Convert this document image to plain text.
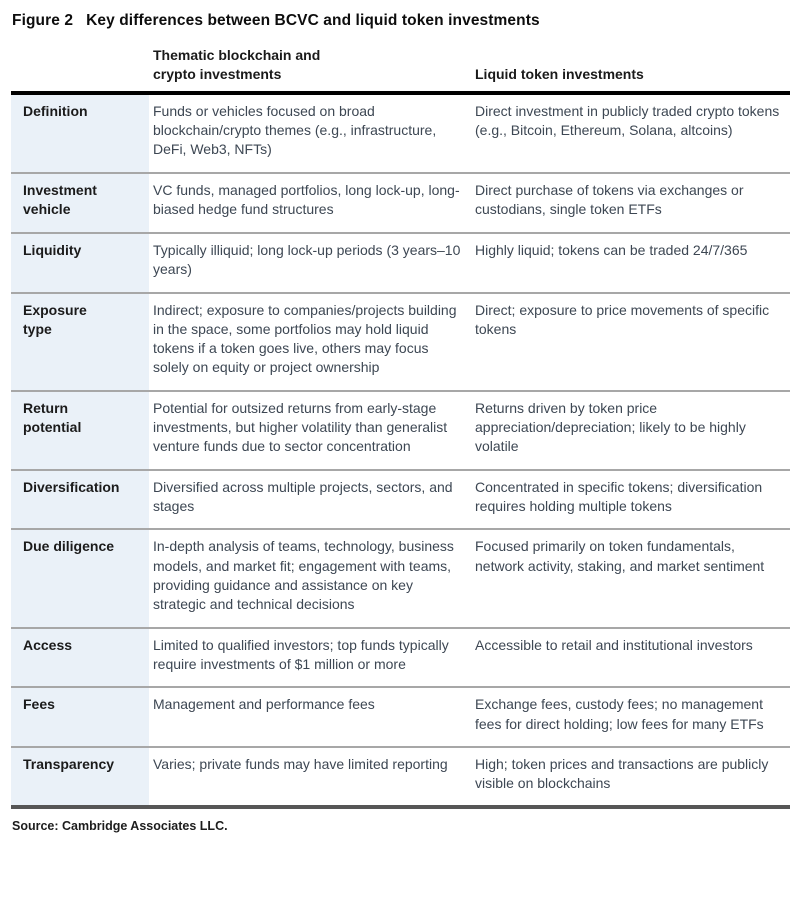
Figure 2 Key differences between BCVC and liquid token investments

	Thematic blockchain and crypto investments	Liquid token investments
Definition	Funds or vehicles focused on broad blockchain/crypto themes (e.g., infrastructure, DeFi, Web3, NFTs)	Direct investment in publicly traded crypto tokens (e.g., Bitcoin, Ethereum, Solana, altcoins)
Investment vehicle	VC funds, managed portfolios, long lock-up, long-biased hedge fund structures	Direct purchase of tokens via exchanges or custodians, single token ETFs
Liquidity	Typically illiquid; long lock-up periods (3 years–10 years)	Highly liquid; tokens can be traded 24/7/365
Exposure type	Indirect; exposure to companies/projects building in the space, some portfolios may hold liquid tokens if a token goes live, others may focus solely on equity or project ownership	Direct; exposure to price movements of specific tokens
Return potential	Potential for outsized returns from early-stage investments, but higher volatility than generalist venture funds due to sector concentration	Returns driven by token price appreciation/depreciation; likely to be highly volatile
Diversification	Diversified across multiple projects, sectors, and stages	Concentrated in specific tokens; diversification requires holding multiple tokens
Due diligence	In-depth analysis of teams, technology, business models, and market fit; engagement with teams, providing guidance and assistance on key strategic and technical decisions	Focused primarily on token fundamentals, network activity, staking, and market sentiment
Access	Limited to qualified investors; top funds typically require investments of $1 million or more	Accessible to retail and institutional investors
Fees	Management and performance fees	Exchange fees, custody fees; no management fees for direct holding; low fees for many ETFs
Transparency	Varies; private funds may have limited reporting	High; token prices and transactions are publicly visible on blockchains
Source: Cambridge Associates LLC.
